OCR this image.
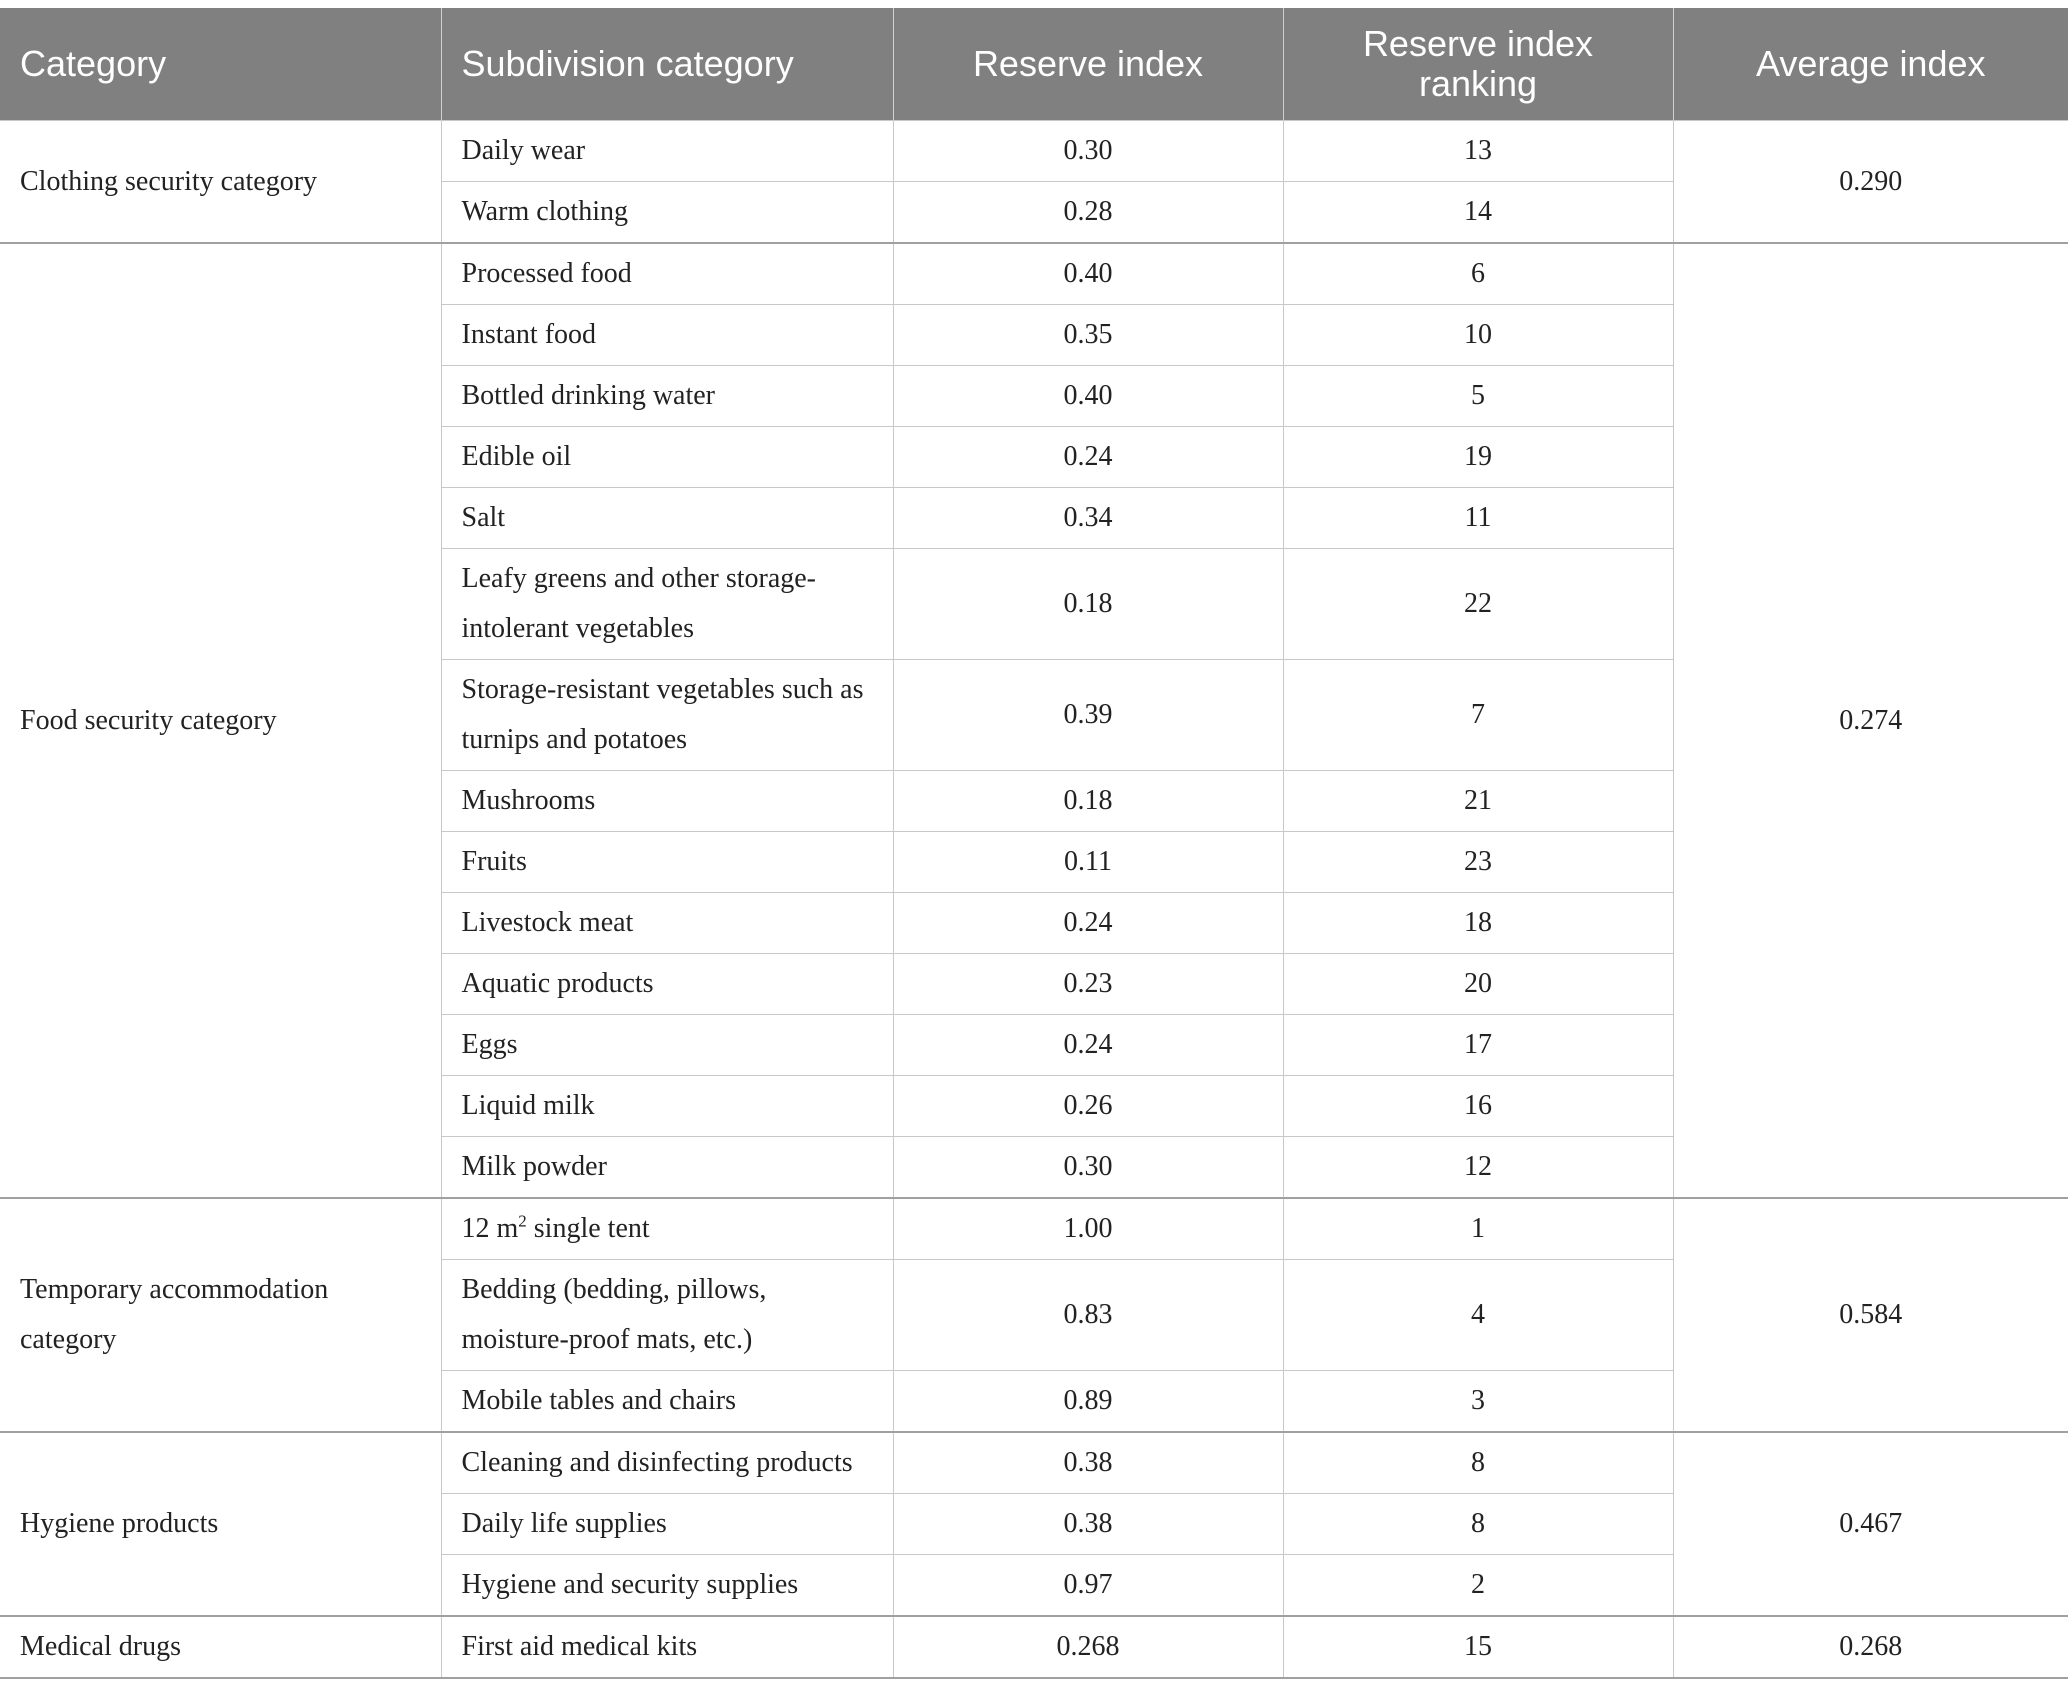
Category	Subdivision category	Reserve index	Reserve index ranking	Average index
Clothing security category	Daily wear	0.30	13	0.290
	Warm clothing	0.28	14	
Food security category	Processed food	0.40	6	0.274
	Instant food	0.35	10	
	Bottled drinking water	0.40	5	
	Edible oil	0.24	19	
	Salt	0.34	11	
	Leafy greens and other storage-intolerant vegetables	0.18	22	
	Storage-resistant vegetables such as turnips and potatoes	0.39	7	
	Mushrooms	0.18	21	
	Fruits	0.11	23	
	Livestock meat	0.24	18	
	Aquatic products	0.23	20	
	Eggs	0.24	17	
	Liquid milk	0.26	16	
	Milk powder	0.30	12	
Temporary accommodation category	12 $m^2$ single tent	1.00	1	0.584
	Bedding (bedding, pillows, moisture-proof mats, etc.)	0.83	4	
	Mobile tables and chairs	0.89	3	
Hygiene products	Cleaning and disinfecting products	0.38	8	0.467
	Daily life supplies	0.38	8	
	Hygiene and security supplies	0.97	2	
Medical drugs	First aid medical kits	0.268	15	0.268
